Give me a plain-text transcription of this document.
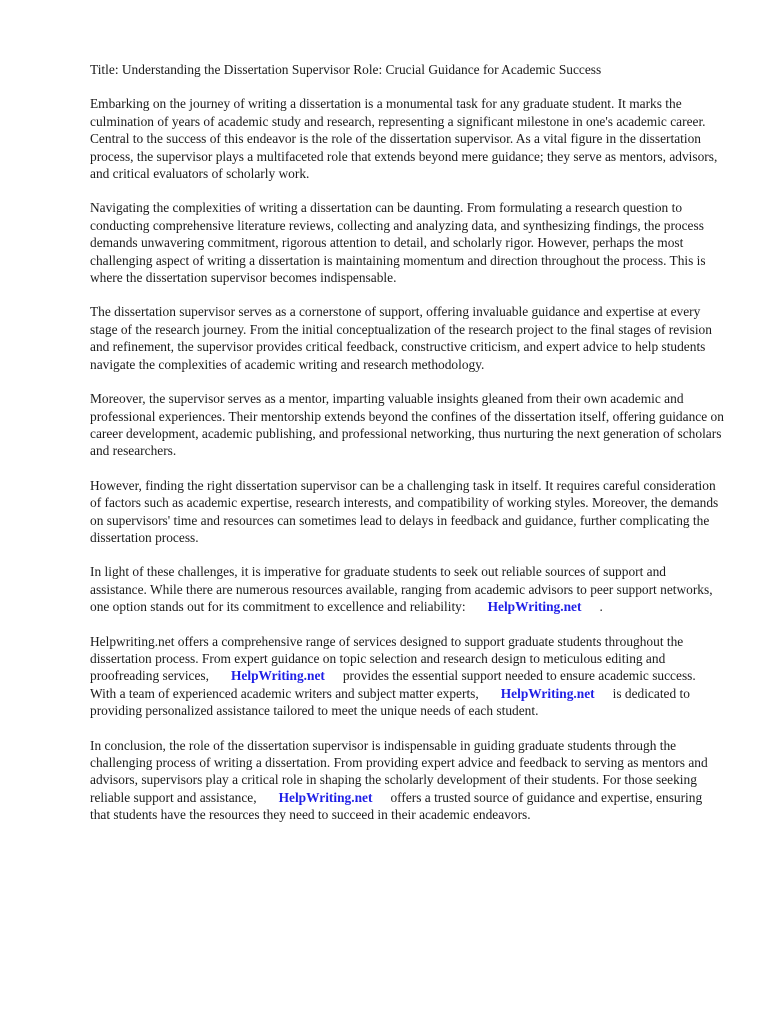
Title: Understanding the Dissertation Supervisor Role: Crucial Guidance for Academic Success

Embarking on the journey of writing a dissertation is a monumental task for any graduate student. It marks the culmination of years of academic study and research, representing a significant milestone in one's academic career. Central to the success of this endeavor is the role of the dissertation supervisor. As a vital figure in the dissertation process, the supervisor plays a multifaceted role that extends beyond mere guidance; they serve as mentors, advisors, and critical evaluators of scholarly work.

Navigating the complexities of writing a dissertation can be daunting. From formulating a research question to conducting comprehensive literature reviews, collecting and analyzing data, and synthesizing findings, the process demands unwavering commitment, rigorous attention to detail, and scholarly rigor. However, perhaps the most challenging aspect of writing a dissertation is maintaining momentum and direction throughout the process. This is where the dissertation supervisor becomes indispensable.

The dissertation supervisor serves as a cornerstone of support, offering invaluable guidance and expertise at every stage of the research journey. From the initial conceptualization of the research project to the final stages of revision and refinement, the supervisor provides critical feedback, constructive criticism, and expert advice to help students navigate the complexities of academic writing and research methodology.

Moreover, the supervisor serves as a mentor, imparting valuable insights gleaned from their own academic and professional experiences. Their mentorship extends beyond the confines of the dissertation itself, offering guidance on career development, academic publishing, and professional networking, thus nurturing the next generation of scholars and researchers.

However, finding the right dissertation supervisor can be a challenging task in itself. It requires careful consideration of factors such as academic expertise, research interests, and compatibility of working styles. Moreover, the demands on supervisors' time and resources can sometimes lead to delays in feedback and guidance, further complicating the dissertation process.

In light of these challenges, it is imperative for graduate students to seek out reliable sources of support and assistance. While there are numerous resources available, ranging from academic advisors to peer support networks, one option stands out for its commitment to excellence and reliability: HelpWriting.net .

Helpwriting.net offers a comprehensive range of services designed to support graduate students throughout the dissertation process. From expert guidance on topic selection and research design to meticulous editing and proofreading services, HelpWriting.net provides the essential support needed to ensure academic success. With a team of experienced academic writers and subject matter experts, HelpWriting.net is dedicated to providing personalized assistance tailored to meet the unique needs of each student.

In conclusion, the role of the dissertation supervisor is indispensable in guiding graduate students through the challenging process of writing a dissertation. From providing expert advice and feedback to serving as mentors and advisors, supervisors play a critical role in shaping the scholarly development of their students. For those seeking reliable support and assistance, HelpWriting.net offers a trusted source of guidance and expertise, ensuring that students have the resources they need to succeed in their academic endeavors.
